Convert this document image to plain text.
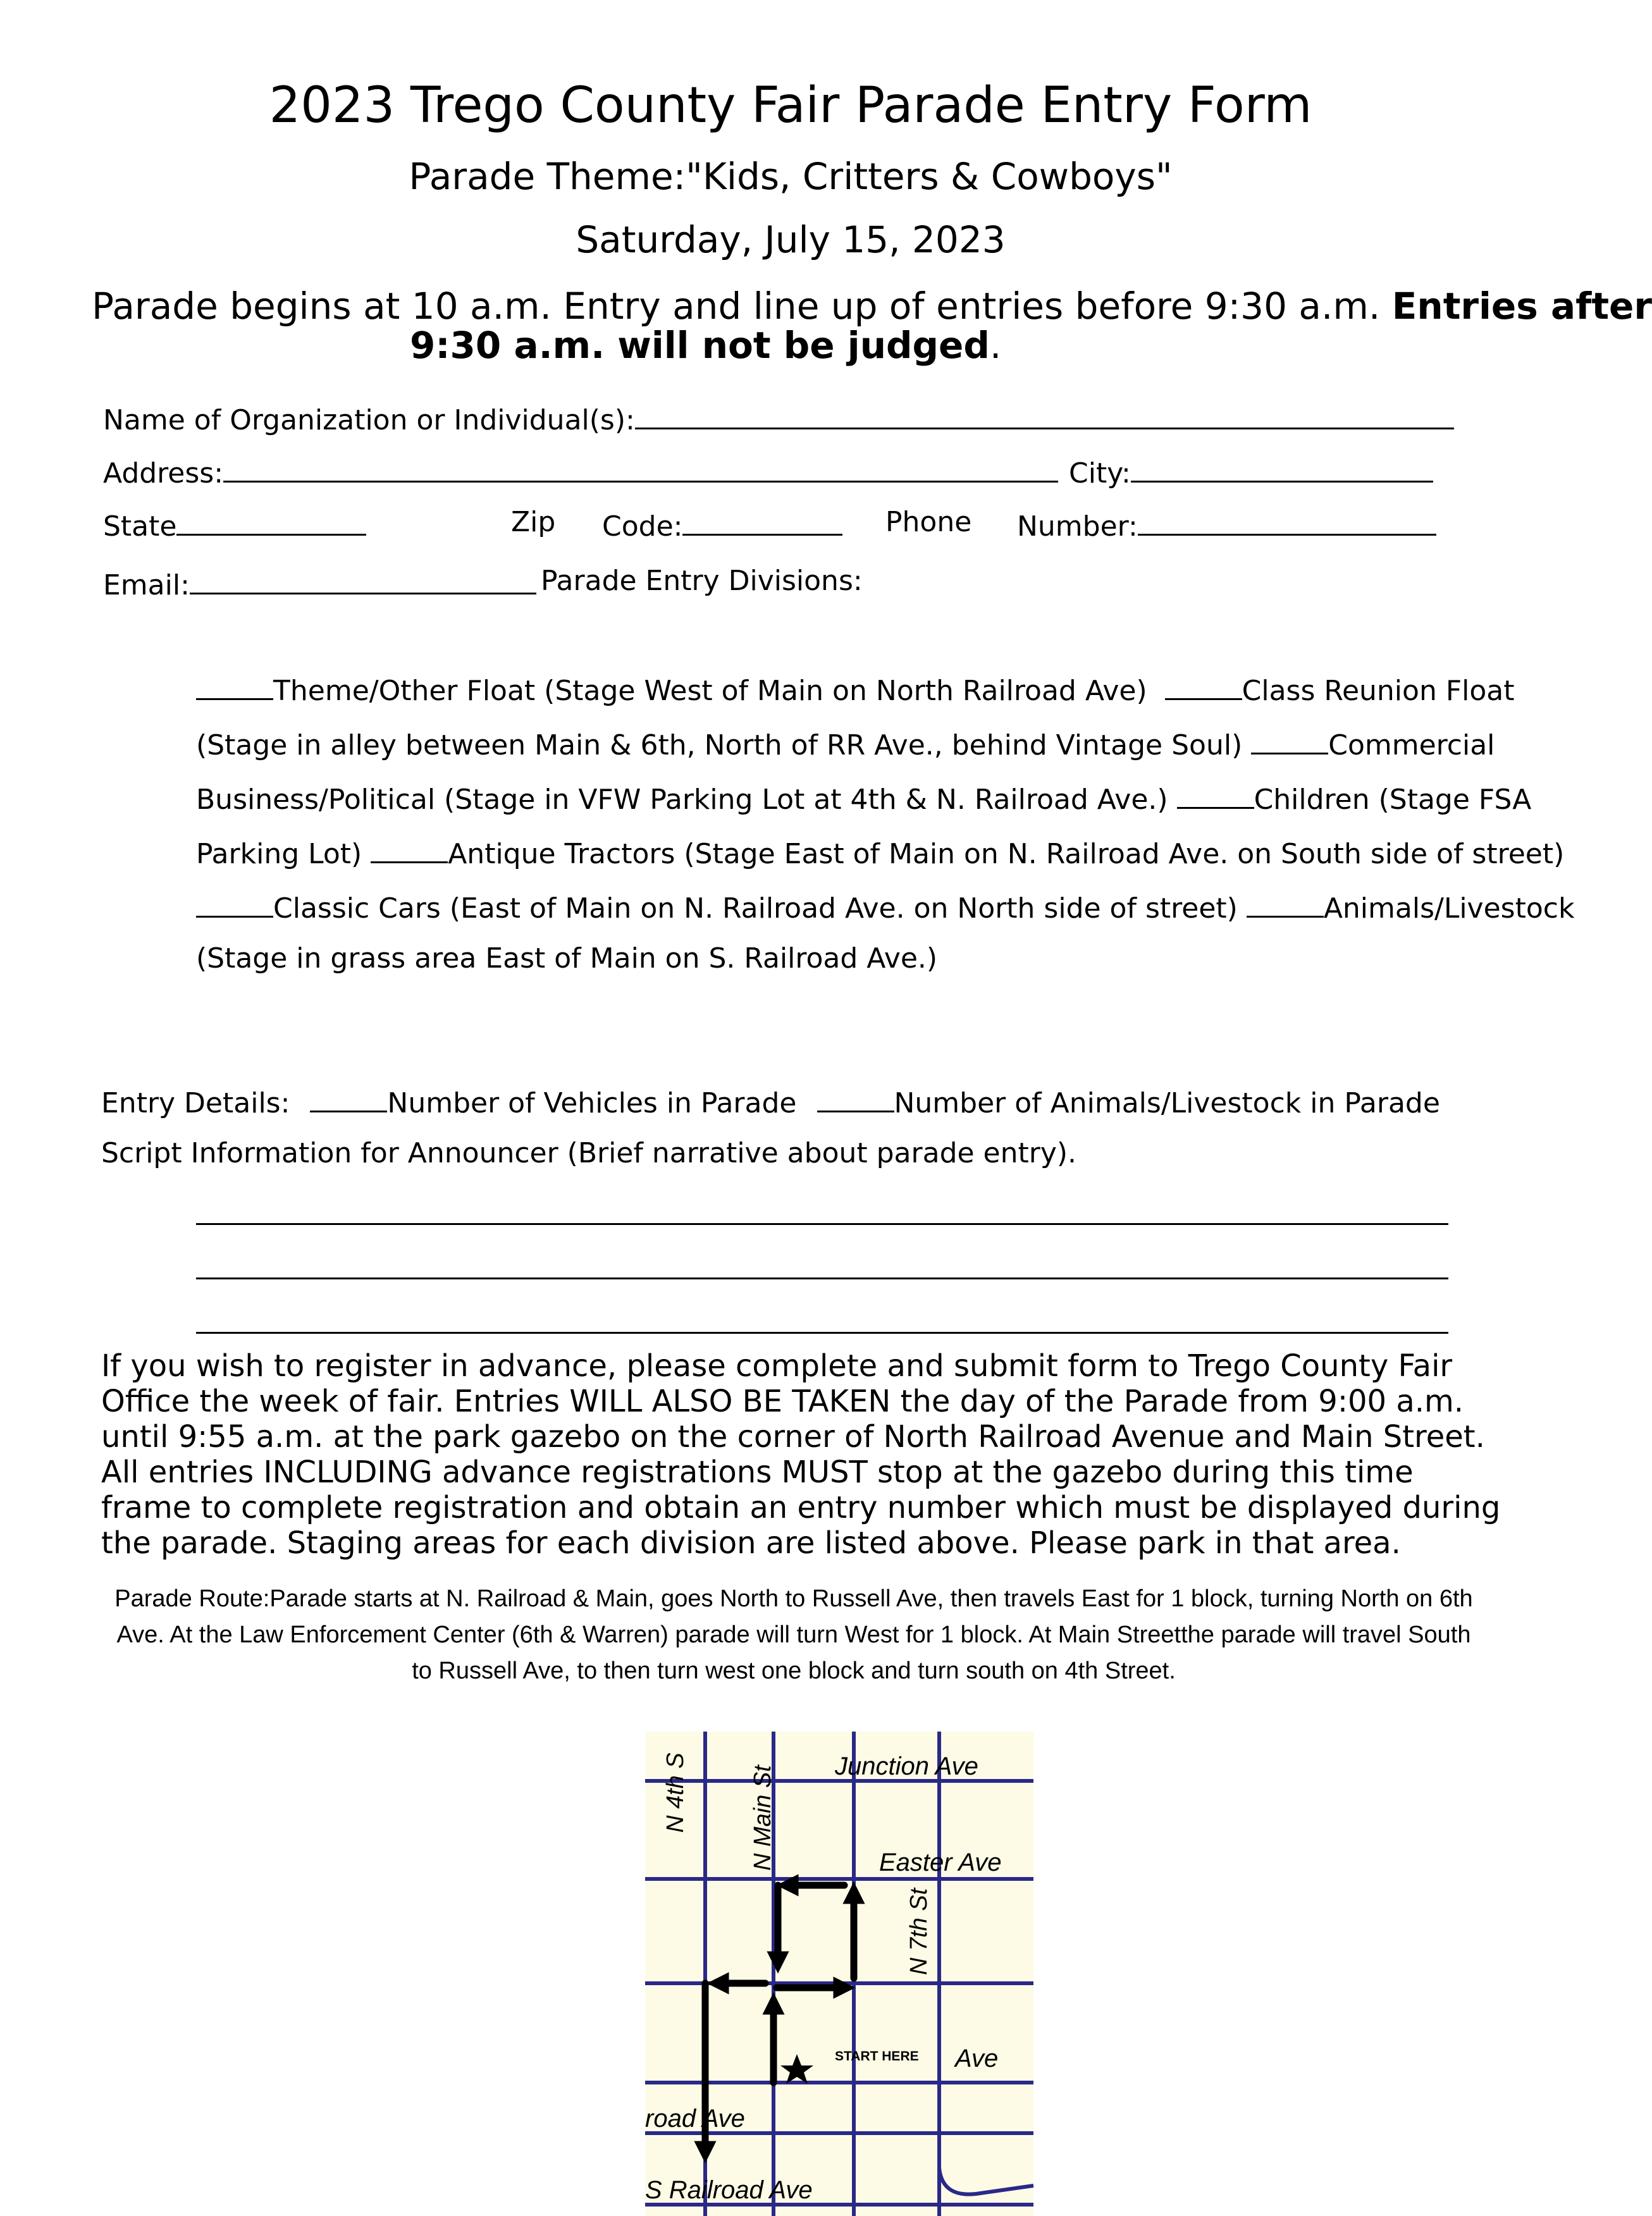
2023 Trego County Fair Parade Entry Form
Parade Theme:"Kids, Critters & Cowboys"
Saturday, July 15, 2023
Parade begins at 10 a.m. Entry and line up of entries before 9:30 a.m. Entries after
9:30 a.m. will not be judged.
Name of Organization or Individual(s):
Address:	City:
State	Zip Code:	Phone Number:
Email:	Parade Entry Divisions:
Theme/Other Float (Stage West of Main on North Railroad Ave)	Class Reunion Float
(Stage in alley between Main & 6th, North of RR Ave., behind Vintage Soul)	Commercial
Business/Political (Stage in VFW Parking Lot at 4th & N. Railroad Ave.)	Children (Stage FSA
Parking Lot)	Antique Tractors (Stage East of Main on N. Railroad Ave. on South side of street)
Classic Cars (East of Main on N. Railroad Ave. on North side of street)	Animals/Livestock
(Stage in grass area East of Main on S. Railroad Ave.)
Entry Details:	Number of Vehicles in Parade	Number of Animals/Livestock in Parade
Script Information for Announcer (Brief narrative about parade entry).
If you wish to register in advance, please complete and submit form to Trego County Fair Office the week of fair. Entries WILL ALSO BE TAKEN the day of the Parade from 9:00 a.m. until 9:55 a.m. at the park gazebo on the corner of North Railroad Avenue and Main Street. All entries INCLUDING advance registrations MUST stop at the gazebo during this time frame to complete registration and obtain an entry number which must be displayed during the parade. Staging areas for each division are listed above. Please park in that area.
Parade Route:Parade starts at N. Railroad & Main, goes North to Russell Ave, then travels East for 1 block, turning North on 6th Ave. At the Law Enforcement Center (6th & Warren) parade will turn West for 1 block. At Main Streetthe parade will travel South to Russell Ave, to then turn west one block and turn south on 4th Street.
N 4th S	N Main St Junction Ave
Easter Ave
N 7th St
START HERE Ave
road Ave
S Railroad Ave
